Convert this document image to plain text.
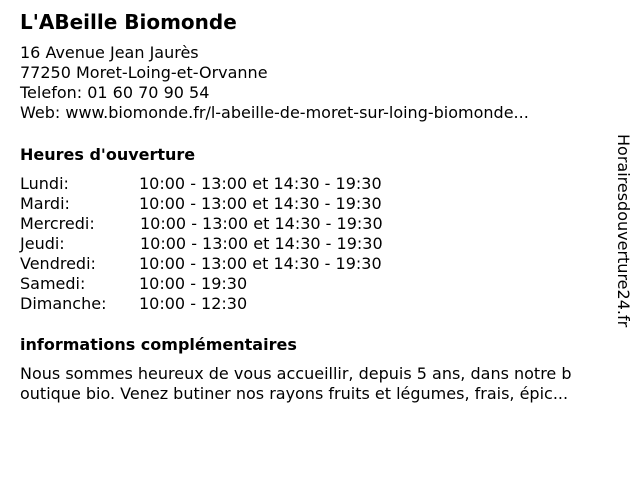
L'ABeille Biomonde
16 Avenue Jean Jaurès
77250 Moret-Loing-et-Orvanne
Telefon: 01 60 70 90 54
Web: www.biomonde.fr/l-abeille-de-moret-sur-loing-biomonde...
Heures d'ouverture
Lundi:	10:00 - 13:00 et 14:30 - 19:30
Mardi:	10:00 - 13:00 et 14:30 - 19:30
Mercredi:	10:00 - 13:00 et 14:30 - 19:30
Jeudi:	10:00 - 13:00 et 14:30 - 19:30
Vendredi:	10:00 - 13:00 et 14:30 - 19:30
Samedi:	10:00 - 19:30
Dimanche: 10:00 - 12:30
informations complémentaires
Nous sommes heureux de vous accueillir, depuis 5 ans, dans notre b
outique bio. Venez butiner nos rayons fruits et légumes, frais, épic...
Horairesdouverture24.fr
